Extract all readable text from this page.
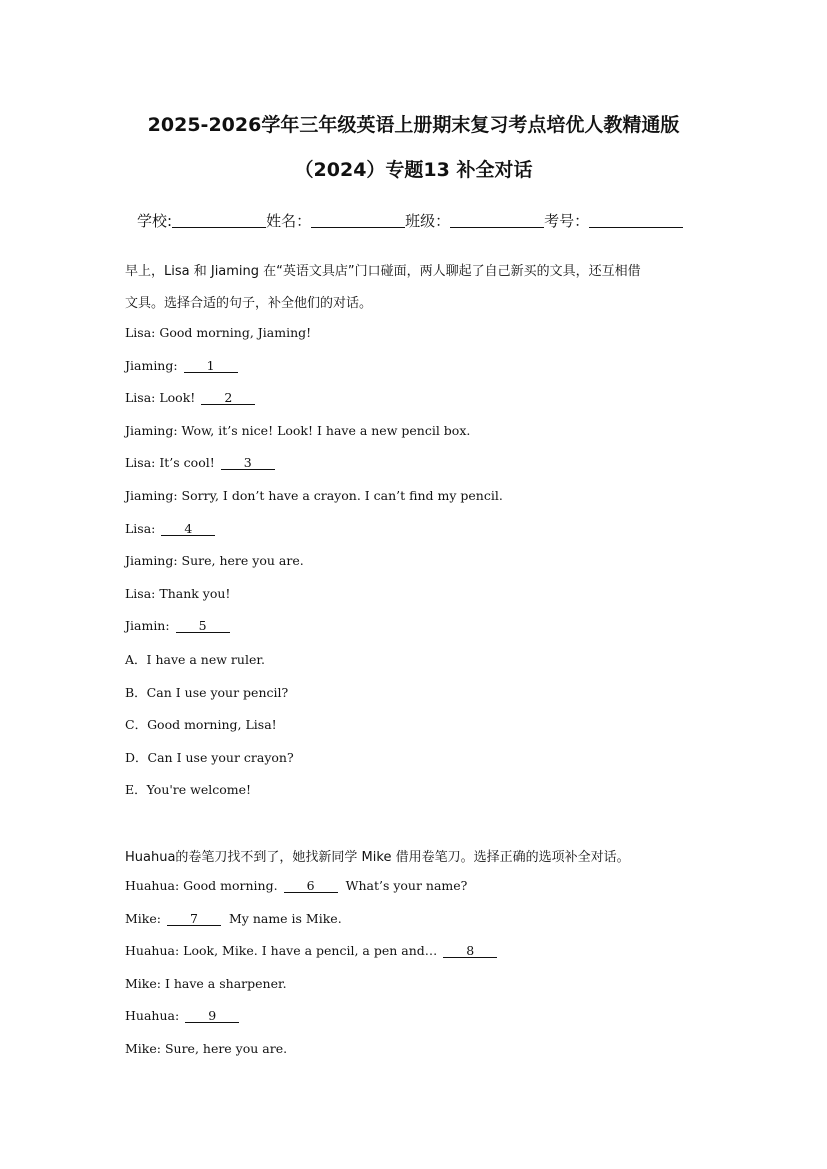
2025-2026学年三年级英语上册期末复习考点培优人教精通版
（2024）专题13 补全对话
学校:	姓名：	班级：	考号：
早上，Lisa 和 Jiaming 在“英语文具店”门口碰面，两人聊起了自己新买的文具，还互相借
文具。选择合适的句子，补全他们的对话。
Lisa: Good morning, Jiaming!
Jiaming: 1
Lisa: Look! 2
Jiaming: Wow, it’s nice! Look! I have a new pencil box.
Lisa: It’s cool! 3
Jiaming: Sorry, I don’t have a crayon. I can’t find my pencil.
Lisa: 4
Jiaming: Sure, here you are.
Lisa: Thank you!
Jiamin: 5
A．I have a new ruler.
B．Can I use your pencil?
C．Good morning, Lisa!
D．Can I use your crayon?
E．You're welcome!
Huahua的卷笔刀找不到了，她找新同学 Mike 借用卷笔刀。选择正确的选项补全对话。
Huahua: Good morning. 6 What’s your name?
Mike: 7 My name is Mike.
Huahua: Look, Mike. I have a pencil, a pen and… 8
Mike: I have a sharpener.
Huahua: 9
Mike: Sure, here you are.
